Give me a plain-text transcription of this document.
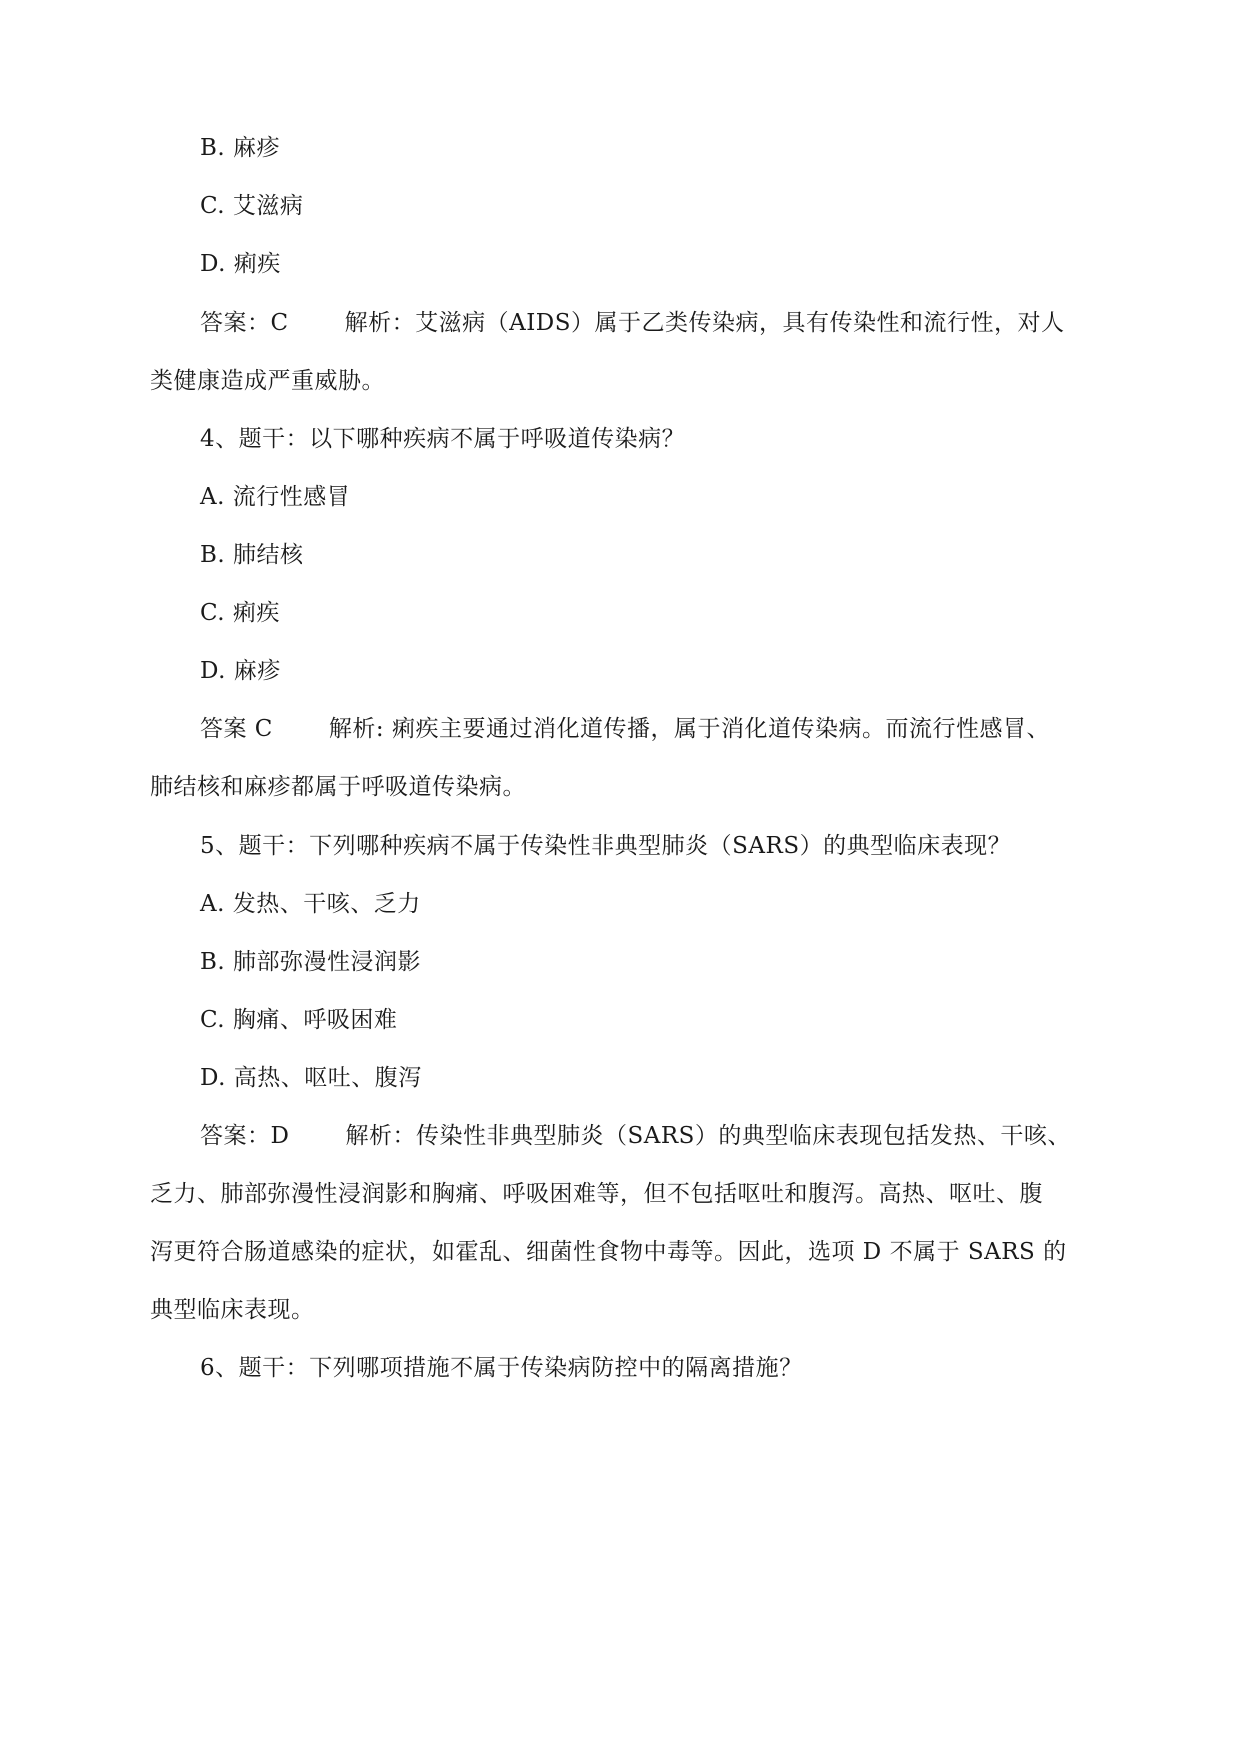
B. 麻疹
C. 艾滋病
D. 痢疾
答案：C 解析：艾滋病（AIDS）属于乙类传染病，具有传染性和流行性，对人
类健康造成严重威胁。
4、题干：以下哪种疾病不属于呼吸道传染病？
A. 流行性感冒
B. 肺结核
C. 痢疾
D. 麻疹
答案 C 解析: 痢疾主要通过消化道传播，属于消化道传染病。而流行性感冒、
肺结核和麻疹都属于呼吸道传染病。
5、题干：下列哪种疾病不属于传染性非典型肺炎（SARS）的典型临床表现？
A. 发热、干咳、乏力
B. 肺部弥漫性浸润影
C. 胸痛、呼吸困难
D. 高热、呕吐、腹泻
答案：D 解析：传染性非典型肺炎（SARS）的典型临床表现包括发热、干咳、
乏力、肺部弥漫性浸润影和胸痛、呼吸困难等，但不包括呕吐和腹泻。高热、呕吐、腹
泻更符合肠道感染的症状，如霍乱、细菌性食物中毒等。因此，选项 D 不属于 SARS 的
典型临床表现。
6、题干：下列哪项措施不属于传染病防控中的隔离措施？
